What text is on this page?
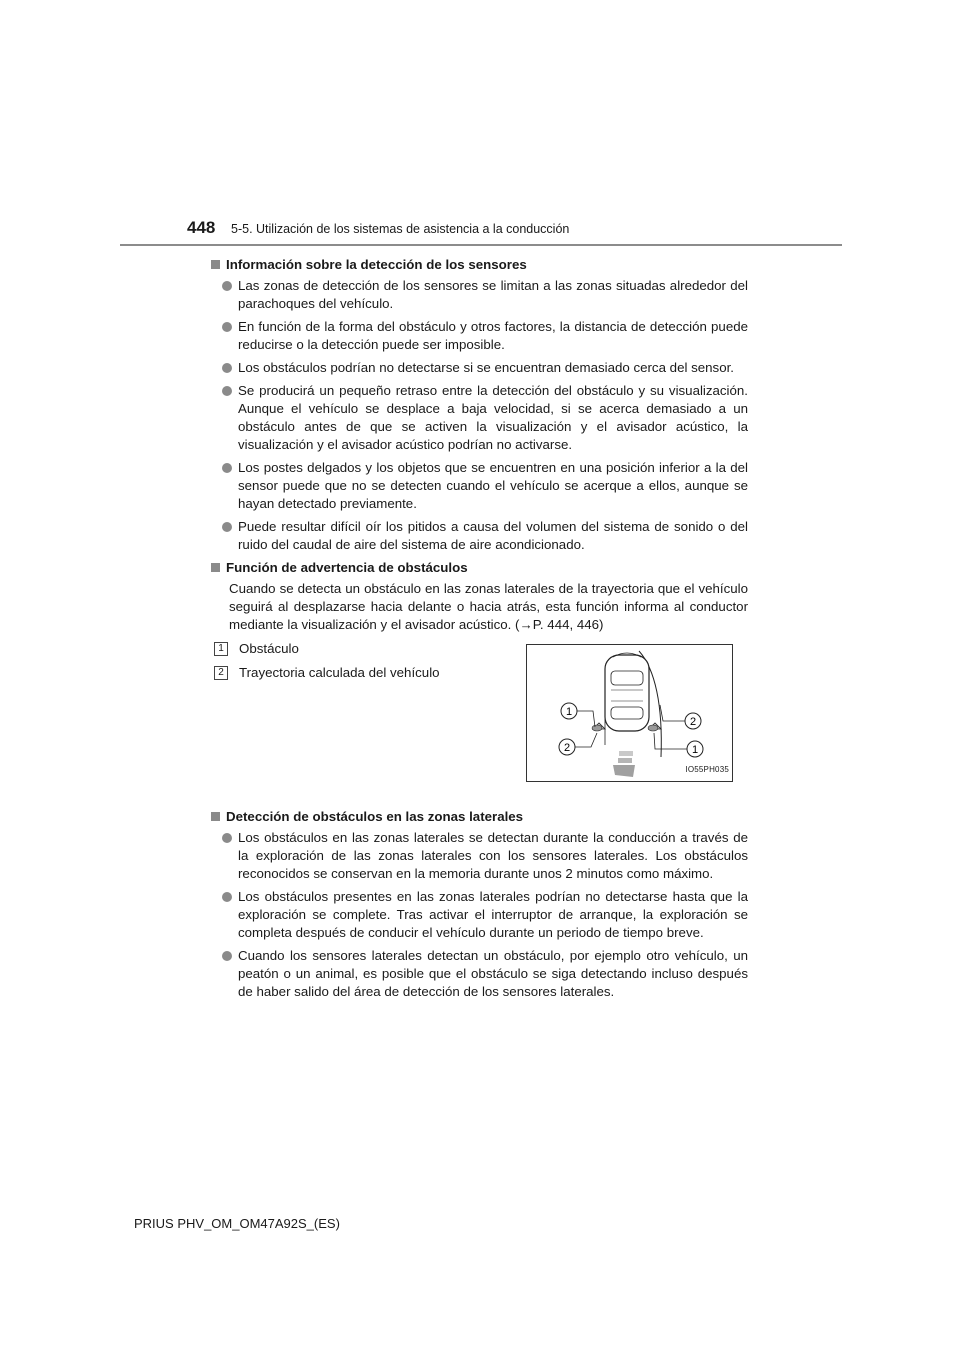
448 5-5. Utilización de los sistemas de asistencia a la conducción
Información sobre la detección de los sensores
Las zonas de detección de los sensores se limitan a las zonas situadas alrededor del parachoques del vehículo.
En función de la forma del obstáculo y otros factores, la distancia de detección puede reducirse o la detección puede ser imposible.
Los obstáculos podrían no detectarse si se encuentran demasiado cerca del sensor.
Se producirá un pequeño retraso entre la detección del obstáculo y su visualización. Aunque el vehículo se desplace a baja velocidad, si se acerca demasiado a un obstáculo antes de que se activen la visualización y el avisador acústico, la visualización y el avisador acústico podrían no activarse.
Los postes delgados y los objetos que se encuentren en una posición inferior a la del sensor puede que no se detecten cuando el vehículo se acerque a ellos, aunque se hayan detectado previamente.
Puede resultar difícil oír los pitidos a causa del volumen del sistema de sonido o del ruido del caudal de aire del sistema de aire acondicionado.
Función de advertencia de obstáculos
Cuando se detecta un obstáculo en las zonas laterales de la trayectoria que el vehículo seguirá al desplazarse hacia delante o hacia atrás, esta función informa al conductor mediante la visualización y el avisador acústico. (→P. 444, 446)
1	Obstáculo
2	Trayectoria calculada del vehículo
1
2
2
1
IO55PH035
Detección de obstáculos en las zonas laterales
Los obstáculos en las zonas laterales se detectan durante la conducción a través de la exploración de las zonas laterales con los sensores laterales. Los obstáculos reconocidos se conservan en la memoria durante unos 2 minutos como máximo.
Los obstáculos presentes en las zonas laterales podrían no detectarse hasta que la exploración se complete. Tras activar el interruptor de arranque, la exploración se completa después de conducir el vehículo durante un periodo de tiempo breve.
Cuando los sensores laterales detectan un obstáculo, por ejemplo otro vehículo, un peatón o un animal, es posible que el obstáculo se siga detectando incluso después de haber salido del área de detección de los sensores laterales.
PRIUS PHV_OM_OM47A92S_(ES)
